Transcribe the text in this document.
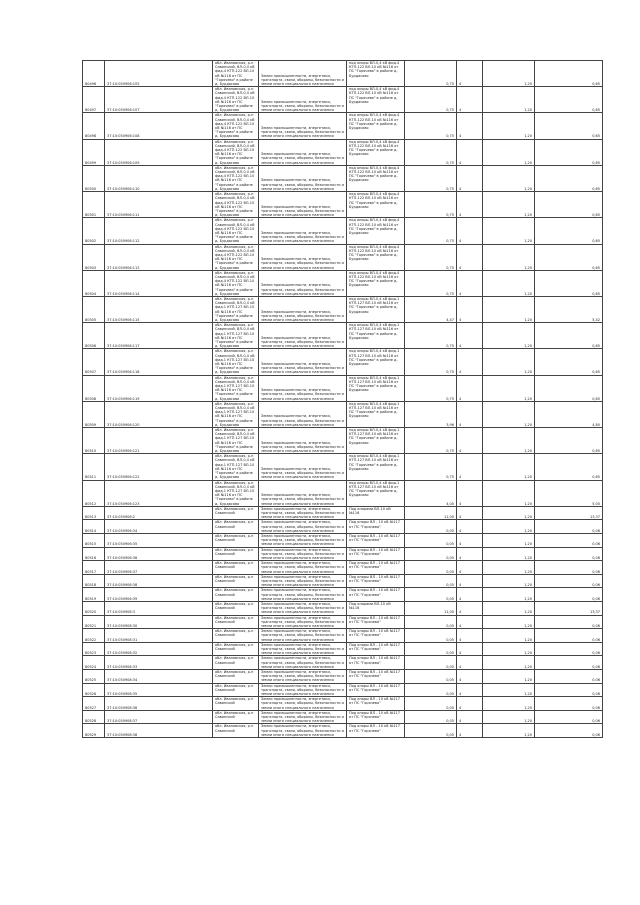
80496	37:10:050906:105	обл. Ивановская, р-н Савинский, ВЛ-0,4 кВ фид.4 КТП-122 ВЛ-10 кВ №116 от ПС "Горячево" в районе д. Бурдасово	Земли промышленности, энергетики, транспорта, связи, обороны, безопасности и земли иного специального назначения	под опоры ВЛ-0,4 кВ фид.4 КТП-122 ВЛ-10 кВ №116 от ПС "Горячево" в районе д. Бурдасово	0,75	4	1,20	0,65
80497	37:10:050906:107	обл. Ивановская, р-н Савинский, ВЛ-0,4 кВ фид.4 КТП-122 ВЛ-10 кВ №116 от ПС "Горячево" в районе д. Бурдасово	Земли промышленности, энергетики, транспорта, связи, обороны, безопасности и земли иного специального назначения	под опоры ВЛ-0,4 кВ фид.4 КТП-122 ВЛ-10 кВ №116 от ПС "Горячево" в районе д. Бурдасово	0,75	4	1,20	0,65
80498	37:10:050906:108	обл. Ивановская, р-н Савинский, ВЛ-0,4 кВ фид.4 КТП-122 ВЛ-10 кВ №116 от ПС "Горячево" в районе д. Бурдасово	Земли промышленности, энергетики, транспорта, связи, обороны, безопасности и земли иного специального назначения	под опоры ВЛ-0,4 кВ фид.4 КТП-122 ВЛ-10 кВ №116 от ПС "Горячево" в районе д. Бурдасово	0,75	4	1,20	0,65
80499	37:10:050906:109	обл. Ивановская, р-н Савинский, ВЛ-0,4 кВ фид.4 КТП-122 ВЛ-10 кВ №116 от ПС "Горячево" в районе д. Бурдасово	Земли промышленности, энергетики, транспорта, связи, обороны, безопасности и земли иного специального назначения	под опоры ВЛ-0,4 кВ фид.4 КТП-122 ВЛ-10 кВ №116 от ПС "Горячево" в районе д. Бурдасово	0,75	4	1,20	0,65
80500	37:10:050906:110	обл. Ивановская, р-н Савинский, ВЛ-0,4 кВ фид.4 КТП-122 ВЛ-10 кВ №116 от ПС "Горячево" в районе д. Бурдасово	Земли промышленности, энергетики, транспорта, связи, обороны, безопасности и земли иного специального назначения	под опоры ВЛ-0,4 кВ фид.4 КТП-122 ВЛ-10 кВ №116 от ПС "Горячево" в районе д. Бурдасово	0,75	4	1,20	0,65
80501	37:10:050906:111	обл. Ивановская, р-н Савинский, ВЛ-0,4 кВ фид.4 КТП-122 ВЛ-10 кВ №116 от ПС "Горячево" в районе д. Бурдасово	Земли промышленности, энергетики, транспорта, связи, обороны, безопасности и земли иного специального назначения	под опоры ВЛ-0,4 кВ фид.4 КТП-122 ВЛ-10 кВ №116 от ПС "Горячево" в районе д. Бурдасово	0,75	4	1,20	0,65
80502	37:10:050906:112	обл. Ивановская, р-н Савинский, ВЛ-0,4 кВ фид.4 КТП-122 ВЛ-10 кВ №116 от ПС "Горячево" в районе д. Бурдасово	Земли промышленности, энергетики, транспорта, связи, обороны, безопасности и земли иного специального назначения	под опоры ВЛ-0,4 кВ фид.4 КТП-122 ВЛ-10 кВ №116 от ПС "Горячево" в районе д. Бурдасово	0,75	4	1,20	0,65
80503	37:10:050906:113	обл. Ивановская, р-н Савинский, ВЛ-0,4 кВ фид.4 КТП-122 ВЛ-10 кВ №116 от ПС "Горячево" в районе д. Бурдасово	Земли промышленности, энергетики, транспорта, связи, обороны, безопасности и земли иного специального назначения	под опоры ВЛ-0,4 кВ фид.4 КТП-122 ВЛ-10 кВ №116 от ПС "Горячево" в районе д. Бурдасово	0,75	4	1,20	0,65
80504	37:10:050906:114	обл. Ивановская, р-н Савинский, ВЛ-0,4 кВ фид.4 КТП-122 ВЛ-10 кВ №116 от ПС "Горячево" в районе д. Бурдасово	Земли промышленности, энергетики, транспорта, связи, обороны, безопасности и земли иного специального назначения	под опоры ВЛ-0,4 кВ фид.4 КТП-122 ВЛ-10 кВ №116 от ПС "Горячево" в районе д. Бурдасово	0,75	4	1,20	0,65
80505	37:10:050906:115	обл. Ивановская, р-н Савинский, ВЛ-0,4 кВ фид.1 КТП-127 ВЛ-10 кВ №116 от ПС "Горячево" в районе д. Бурдасово	Земли промышленности, энергетики, транспорта, связи, обороны, безопасности и земли иного специального назначения	под опоры ВЛ-0,4 кВ фид.1 КТП-127 ВЛ-10 кВ №116 от ПС "Горячево" в районе д. Бурдасово	4,47	4	1,20	5,42
80506	37:10:050906:117	обл. Ивановская, р-н Савинский, ВЛ-0,4 кВ фид.1 КТП-127 ВЛ-10 кВ №116 от ПС "Горячево" в районе д. Бурдасово	Земли промышленности, энергетики, транспорта, связи, обороны, безопасности и земли иного специального назначения	под опоры ВЛ-0,4 кВ фид.1 КТП-127 ВЛ-10 кВ №116 от ПС "Горячево" в районе д. Бурдасово	0,75	4	1,20	0,65
80507	37:10:050906:118	обл. Ивановская, р-н Савинский, ВЛ-0,4 кВ фид.1 КТП-127 ВЛ-10 кВ №116 от ПС "Горячево" в районе д. Бурдасово	Земли промышленности, энергетики, транспорта, связи, обороны, безопасности и земли иного специального назначения	под опоры ВЛ-0,4 кВ фид.1 КТП-127 ВЛ-10 кВ №116 от ПС "Горячево" в районе д. Бурдасово	0,75	4	1,20	0,65
80508	37:10:050906:119	обл. Ивановская, р-н Савинский, ВЛ-0,4 кВ фид.1 КТП-127 ВЛ-10 кВ №116 от ПС "Горячево" в районе д. Бурдасово	Земли промышленности, энергетики, транспорта, связи, обороны, безопасности и земли иного специального назначения	под опоры ВЛ-0,4 кВ фид.1 КТП-127 ВЛ-10 кВ №116 от ПС "Горячево" в районе д. Бурдасово	0,75	4	1,20	0,65
80509	37:10:050906:120	обл. Ивановская, р-н Савинский, ВЛ-0,4 кВ фид.1 КТП-127 ВЛ-10 кВ №116 от ПС "Горячево" в районе д. Бурдасово	Земли промышленности, энергетики, транспорта, связи, обороны, безопасности и земли иного специального назначения	под опоры ВЛ-0,4 кВ фид.1 КТП-127 ВЛ-10 кВ №116 от ПС "Горячево" в районе д. Бурдасово	3,96	4	1,20	4,80
80510	37:10:050906:121	обл. Ивановская, р-н Савинский, ВЛ-0,4 кВ фид.1 КТП-127 ВЛ-10 кВ №116 от ПС "Горячево" в районе д. Бурдасово	Земли промышленности, энергетики, транспорта, связи, обороны, безопасности и земли иного специального назначения	под опоры ВЛ-0,4 кВ фид.1 КТП-127 ВЛ-10 кВ №116 от ПС "Горячево" в районе д. Бурдасово	0,75	4	1,20	0,65
80511	37:10:050906:122	обл. Ивановская, р-н Савинский, ВЛ-0,4 кВ фид.1 КТП-127 ВЛ-10 кВ №116 от ПС "Горячево" в районе д. Бурдасово	Земли промышленности, энергетики, транспорта, связи, обороны, безопасности и земли иного специального назначения	под опоры ВЛ-0,4 кВ фид.1 КТП-127 ВЛ-10 кВ №116 от ПС "Горячево" в районе д. Бурдасово	0,75	4	1,20	0,65
80512	37:10:050906:123	обл. Ивановская, р-н Савинский, ВЛ-0,4 кВ фид.1 КТП-127 ВЛ-10 кВ №116 от ПС "Горячево" в районе д. Бурдасово	Земли промышленности, энергетики, транспорта, связи, обороны, безопасности и земли иного специального назначения	под опоры ВЛ-0,4 кВ фид.1 КТП-127 ВЛ-10 кВ №116 от ПС "Горячево" в районе д. Бурдасово	4,00	4	1,20	5,00
80513	37:10:050906:2	обл. Ивановская, р-н Савинский	Земли промышленности, энергетики, транспорта, связи, обороны, безопасности и земли иного специального назначения	Под опорами ВЛ-10 кВ №116	11,00	4	1,20	13,37
80514	37:10:050906:34	обл. Ивановская, р-н Савинский	Земли промышленности, энергетики, транспорта, связи, обороны, безопасности и земли иного специального назначения	Под опоры ВЛ - 10 кВ №117 от ПС "Горячево"	0,05	4	1,20	0,06
80515	37:10:050906:35	обл. Ивановская, р-н Савинский	Земли промышленности, энергетики, транспорта, связи, обороны, безопасности и земли иного специального назначения	Под опоры ВЛ - 10 кВ №117 от ПС "Горячево"	0,05	4	1,20	0,06
80516	37:10:050906:36	обл. Ивановская, р-н Савинский	Земли промышленности, энергетики, транспорта, связи, обороны, безопасности и земли иного специального назначения	Под опоры ВЛ - 10 кВ №117 от ПС "Горячево"	0,05	4	1,20	0,06
80517	37:10:050906:37	обл. Ивановская, р-н Савинский	Земли промышленности, энергетики, транспорта, связи, обороны, безопасности и земли иного специального назначения	Под опоры ВЛ - 10 кВ №117 от ПС "Горячево"	0,05	4	1,20	0,06
80518	37:10:050906:38	обл. Ивановская, р-н Савинский	Земли промышленности, энергетики, транспорта, связи, обороны, безопасности и земли иного специального назначения	Под опоры ВЛ - 10 кВ №117 от ПС "Горячево"	0,05	4	1,20	0,06
80519	37:10:050906:39	обл. Ивановская, р-н Савинский	Земли промышленности, энергетики, транспорта, связи, обороны, безопасности и земли иного специального назначения	Под опоры ВЛ - 10 кВ №117 от ПС "Горячево"	0,05	4	1,20	0,06
80520	37:10:050908:3	обл. Ивановская, р-н Савинский	Земли промышленности, энергетики, транспорта, связи, обороны, безопасности и земли иного специального назначения	Под опорами ВЛ-10 кВ №116	11,00	4	1,20	13,37
80521	37:10:050908:30	обл. Ивановская, р-н Савинский	Земли промышленности, энергетики, транспорта, связи, обороны, безопасности и земли иного специального назначения	Под опоры ВЛ - 10 кВ №117 от ПС "Горячево"	0,05	4	1,20	0,06
80522	37:10:050908:31	обл. Ивановская, р-н Савинский	Земли промышленности, энергетики, транспорта, связи, обороны, безопасности и земли иного специального назначения	Под опоры ВЛ - 10 кВ №117 от ПС "Горячево"	0,05	4	1,20	0,06
80523	37:10:050908:32	обл. Ивановская, р-н Савинский	Земли промышленности, энергетики, транспорта, связи, обороны, безопасности и земли иного специального назначения	Под опоры ВЛ - 10 кВ №117 от ПС "Горячево"	0,05	4	1,20	0,06
80524	37:10:050908:33	обл. Ивановская, р-н Савинский	Земли промышленности, энергетики, транспорта, связи, обороны, безопасности и земли иного специального назначения	Под опоры ВЛ - 10 кВ №117 от ПС "Горячево"	0,05	4	1,20	0,06
80525	37:10:050908:34	обл. Ивановская, р-н Савинский	Земли промышленности, энергетики, транспорта, связи, обороны, безопасности и земли иного специального назначения	Под опоры ВЛ - 10 кВ №117 от ПС "Горячево"	0,05	4	1,20	0,06
80526	37:10:050908:35	обл. Ивановская, р-н Савинский	Земли промышленности, энергетики, транспорта, связи, обороны, безопасности и земли иного специального назначения	Под опоры ВЛ - 10 кВ №117 от ПС "Горячево"	0,05	4	1,20	0,06
80527	37:10:050908:36	обл. Ивановская, р-н Савинский	Земли промышленности, энергетики, транспорта, связи, обороны, безопасности и земли иного специального назначения	Под опоры ВЛ - 10 кВ №117 от ПС "Горячево"	0,05	4	1,20	0,06
80528	37:10:050908:37	обл. Ивановская, р-н Савинский	Земли промышленности, энергетики, транспорта, связи, обороны, безопасности и земли иного специального назначения	Под опоры ВЛ - 10 кВ №117 от ПС "Горячево"	0,05	4	1,20	0,06
80529	37:10:050908:38	обл. Ивановская, р-н Савинский	Земли промышленности, энергетики, транспорта, связи, обороны, безопасности и земли иного специального назначения	Под опоры ВЛ - 10 кВ №117 от ПС "Горячево"	0,05	4	1,20	0,06
